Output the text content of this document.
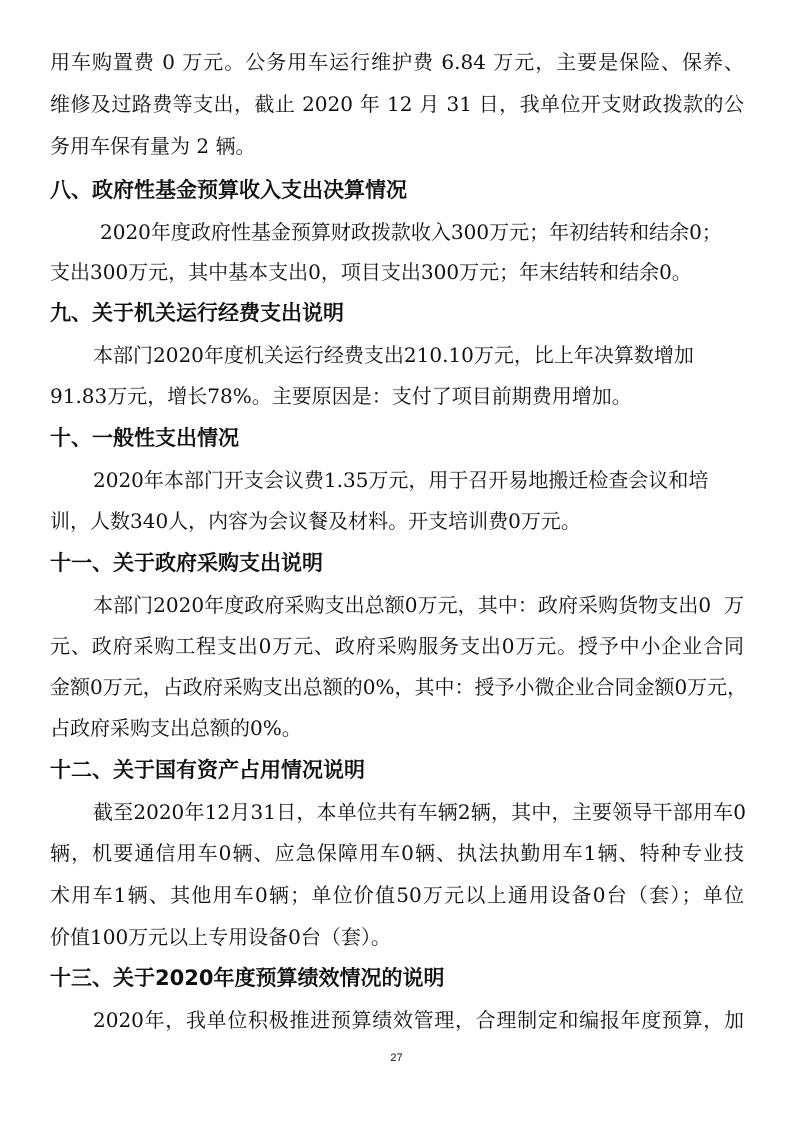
用车购置费 0 万元。公务用车运行维护费 6.84 万元，主要是保险、保养、
维修及过路费等支出，截止 2020 年 12 月 31 日，我单位开支财政拨款的公
务用车保有量为 2 辆。
八、政府性基金预算收入支出决算情况
2020年度政府性基金预算财政拨款收入300万元；年初结转和结余0；
支出300万元，其中基本支出0，项目支出300万元；年末结转和结余0。
九、关于机关运行经费支出说明
本部门2020年度机关运行经费支出210.10万元，比上年决算数增加
91.83万元，增长78%。主要原因是：支付了项目前期费用增加。
十、一般性支出情况
2020年本部门开支会议费1.35万元，用于召开易地搬迁检查会议和培
训，人数340人，内容为会议餐及材料。开支培训费0万元。
十一、关于政府采购支出说明
本部门2020年度政府采购支出总额0万元，其中：政府采购货物支出0  万
元、政府采购工程支出0万元、政府采购服务支出0万元。授予中小企业合同
金额0万元，占政府采购支出总额的0%，其中：授予小微企业合同金额0万元，
占政府采购支出总额的0%。
十二、关于国有资产占用情况说明
截至2020年12月31日，本单位共有车辆2辆，其中，主要领导干部用车0
辆，机要通信用车0辆、应急保障用车0辆、执法执勤用车1辆、特种专业技
术用车1辆、其他用车0辆；单位价值50万元以上通用设备0台（套）；单位
价值100万元以上专用设备0台（套）。
十三、关于2020年度预算绩效情况的说明
2020年，我单位积极推进预算绩效管理，合理制定和编报年度预算，加
27
